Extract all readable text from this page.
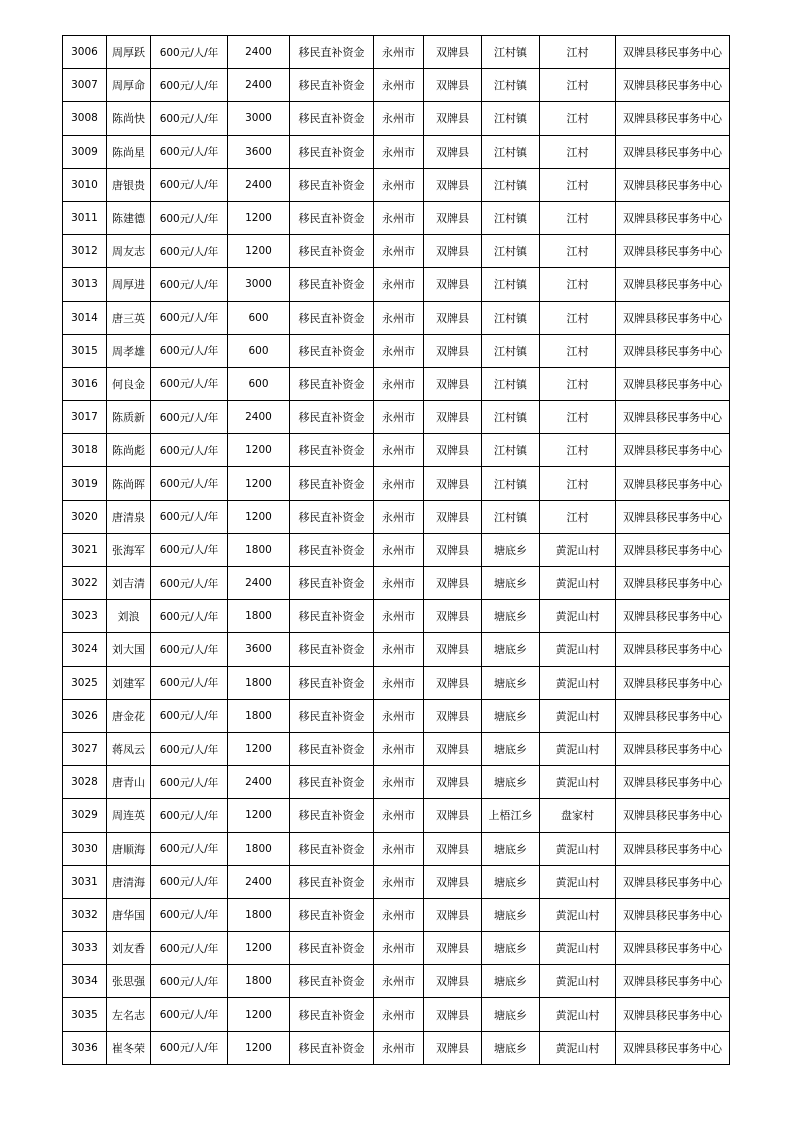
3006	周厚跃	600元/人/年	2400	移民直补资金	永州市	双牌县	江村镇	江村	双牌县移民事务中心
3007	周厚命	600元/人/年	2400	移民直补资金	永州市	双牌县	江村镇	江村	双牌县移民事务中心
3008	陈尚快	600元/人/年	3000	移民直补资金	永州市	双牌县	江村镇	江村	双牌县移民事务中心
3009	陈尚星	600元/人/年	3600	移民直补资金	永州市	双牌县	江村镇	江村	双牌县移民事务中心
3010	唐银贵	600元/人/年	2400	移民直补资金	永州市	双牌县	江村镇	江村	双牌县移民事务中心
3011	陈建德	600元/人/年	1200	移民直补资金	永州市	双牌县	江村镇	江村	双牌县移民事务中心
3012	周友志	600元/人/年	1200	移民直补资金	永州市	双牌县	江村镇	江村	双牌县移民事务中心
3013	周厚进	600元/人/年	3000	移民直补资金	永州市	双牌县	江村镇	江村	双牌县移民事务中心
3014	唐三英	600元/人/年	600	移民直补资金	永州市	双牌县	江村镇	江村	双牌县移民事务中心
3015	周孝雄	600元/人/年	600	移民直补资金	永州市	双牌县	江村镇	江村	双牌县移民事务中心
3016	何良金	600元/人/年	600	移民直补资金	永州市	双牌县	江村镇	江村	双牌县移民事务中心
3017	陈质新	600元/人/年	2400	移民直补资金	永州市	双牌县	江村镇	江村	双牌县移民事务中心
3018	陈尚彪	600元/人/年	1200	移民直补资金	永州市	双牌县	江村镇	江村	双牌县移民事务中心
3019	陈尚晖	600元/人/年	1200	移民直补资金	永州市	双牌县	江村镇	江村	双牌县移民事务中心
3020	唐清泉	600元/人/年	1200	移民直补资金	永州市	双牌县	江村镇	江村	双牌县移民事务中心
3021	张海军	600元/人/年	1800	移民直补资金	永州市	双牌县	塘底乡	黄泥山村	双牌县移民事务中心
3022	刘吉清	600元/人/年	2400	移民直补资金	永州市	双牌县	塘底乡	黄泥山村	双牌县移民事务中心
3023	刘浪	600元/人/年	1800	移民直补资金	永州市	双牌县	塘底乡	黄泥山村	双牌县移民事务中心
3024	刘大国	600元/人/年	3600	移民直补资金	永州市	双牌县	塘底乡	黄泥山村	双牌县移民事务中心
3025	刘建军	600元/人/年	1800	移民直补资金	永州市	双牌县	塘底乡	黄泥山村	双牌县移民事务中心
3026	唐金花	600元/人/年	1800	移民直补资金	永州市	双牌县	塘底乡	黄泥山村	双牌县移民事务中心
3027	蒋凤云	600元/人/年	1200	移民直补资金	永州市	双牌县	塘底乡	黄泥山村	双牌县移民事务中心
3028	唐青山	600元/人/年	2400	移民直补资金	永州市	双牌县	塘底乡	黄泥山村	双牌县移民事务中心
3029	周连英	600元/人/年	1200	移民直补资金	永州市	双牌县	上梧江乡	盘家村	双牌县移民事务中心
3030	唐顺海	600元/人/年	1800	移民直补资金	永州市	双牌县	塘底乡	黄泥山村	双牌县移民事务中心
3031	唐清海	600元/人/年	2400	移民直补资金	永州市	双牌县	塘底乡	黄泥山村	双牌县移民事务中心
3032	唐华国	600元/人/年	1800	移民直补资金	永州市	双牌县	塘底乡	黄泥山村	双牌县移民事务中心
3033	刘友香	600元/人/年	1200	移民直补资金	永州市	双牌县	塘底乡	黄泥山村	双牌县移民事务中心
3034	张思强	600元/人/年	1800	移民直补资金	永州市	双牌县	塘底乡	黄泥山村	双牌县移民事务中心
3035	左名志	600元/人/年	1200	移民直补资金	永州市	双牌县	塘底乡	黄泥山村	双牌县移民事务中心
3036	崔冬荣	600元/人/年	1200	移民直补资金	永州市	双牌县	塘底乡	黄泥山村	双牌县移民事务中心
